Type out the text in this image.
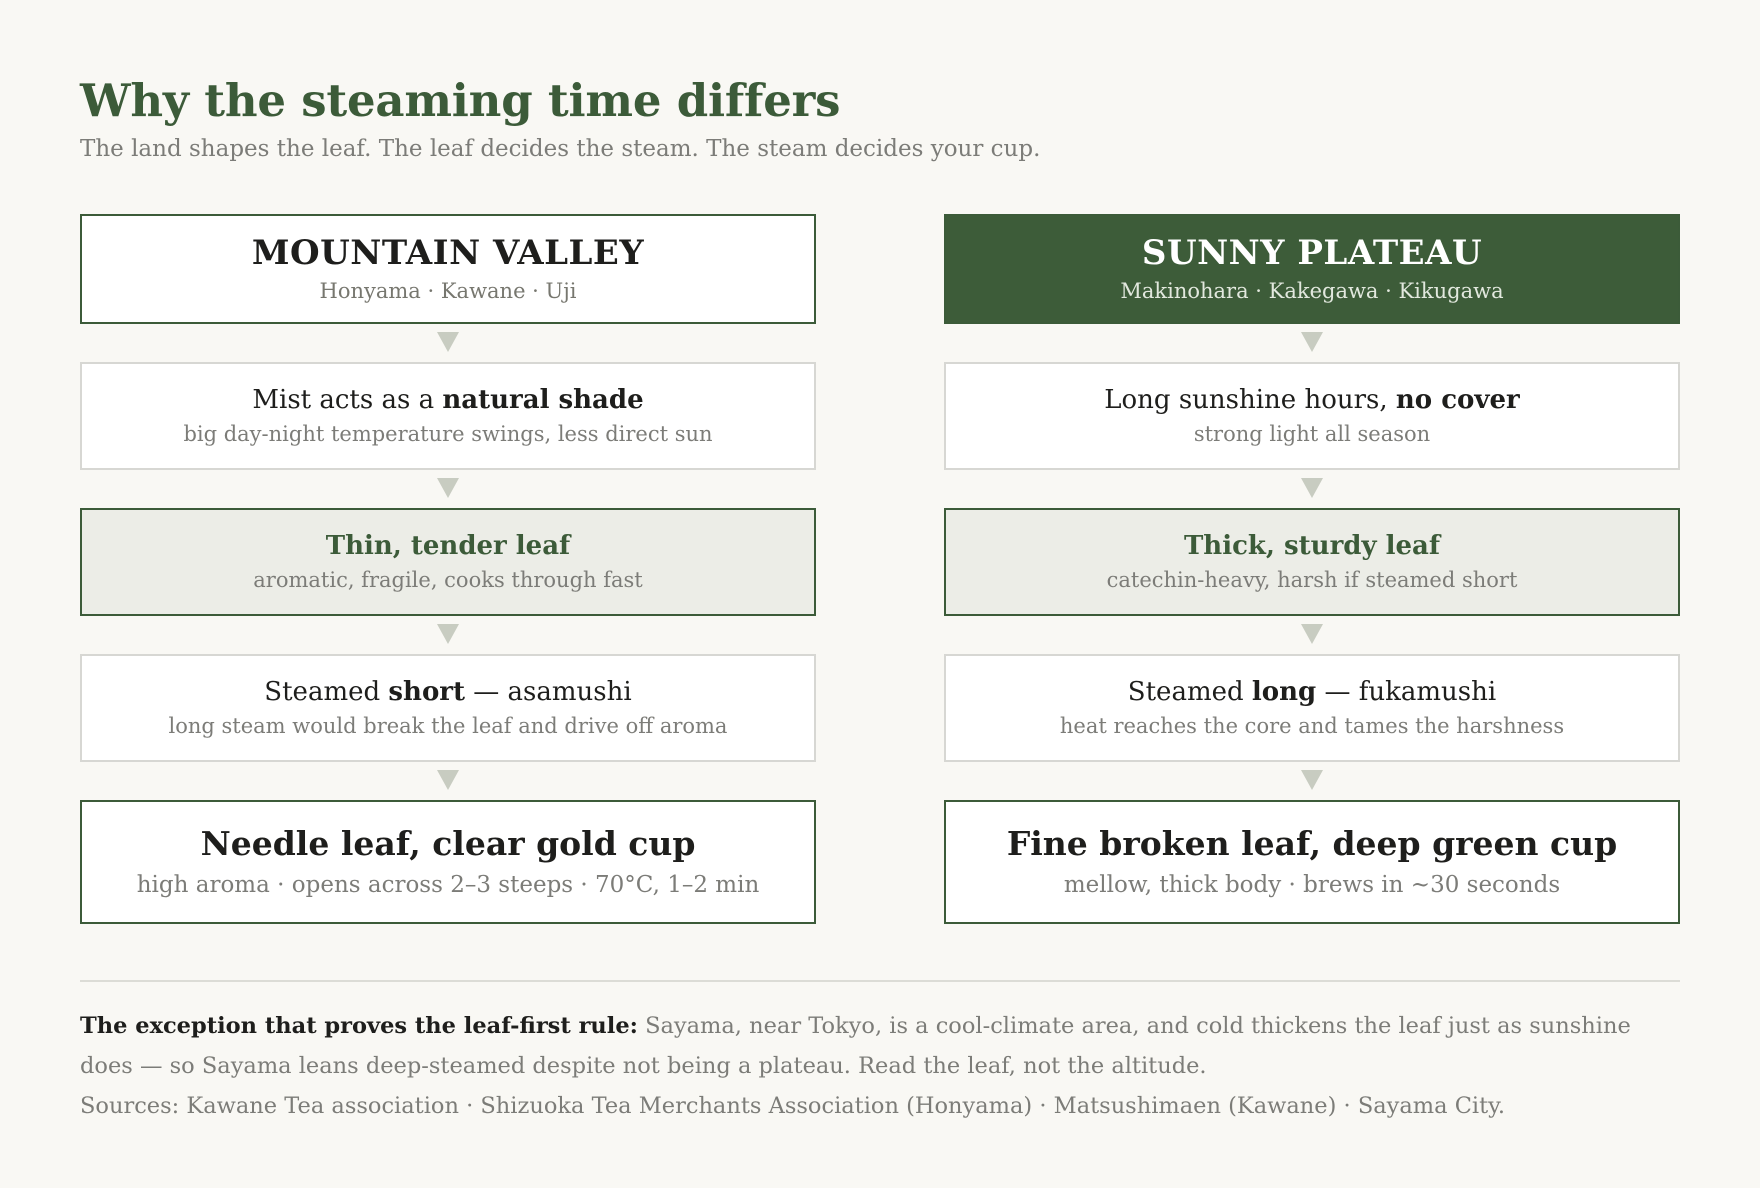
Why the steaming time differs

The land shapes the leaf. The leaf decides the steam. The steam decides your cup.

MOUNTAIN VALLEY
Honyama · Kawane · Uji
Mist acts as a natural shade
big day-night temperature swings, less direct sun
Thin, tender leaf
aromatic, fragile, cooks through fast
Steamed short — asamushi
long steam would break the leaf and drive off aroma
Needle leaf, clear gold cup
high aroma · opens across 2–3 steeps · 70°C, 1–2 min
SUNNY PLATEAU
Makinohara · Kakegawa · Kikugawa
Long sunshine hours, no cover
strong light all season
Thick, sturdy leaf
catechin-heavy, harsh if steamed short
Steamed long — fukamushi
heat reaches the core and tames the harshness
Fine broken leaf, deep green cup
mellow, thick body · brews in ~30 seconds
The exception that proves the leaf-first rule: Sayama, near Tokyo, is a cool-climate area, and cold thickens the leaf just as sunshine does — so Sayama leans deep-steamed despite not being a plateau. Read the leaf, not the altitude.
Sources: Kawane Tea association · Shizuoka Tea Merchants Association (Honyama) · Matsushimaen (Kawane) · Sayama City.
